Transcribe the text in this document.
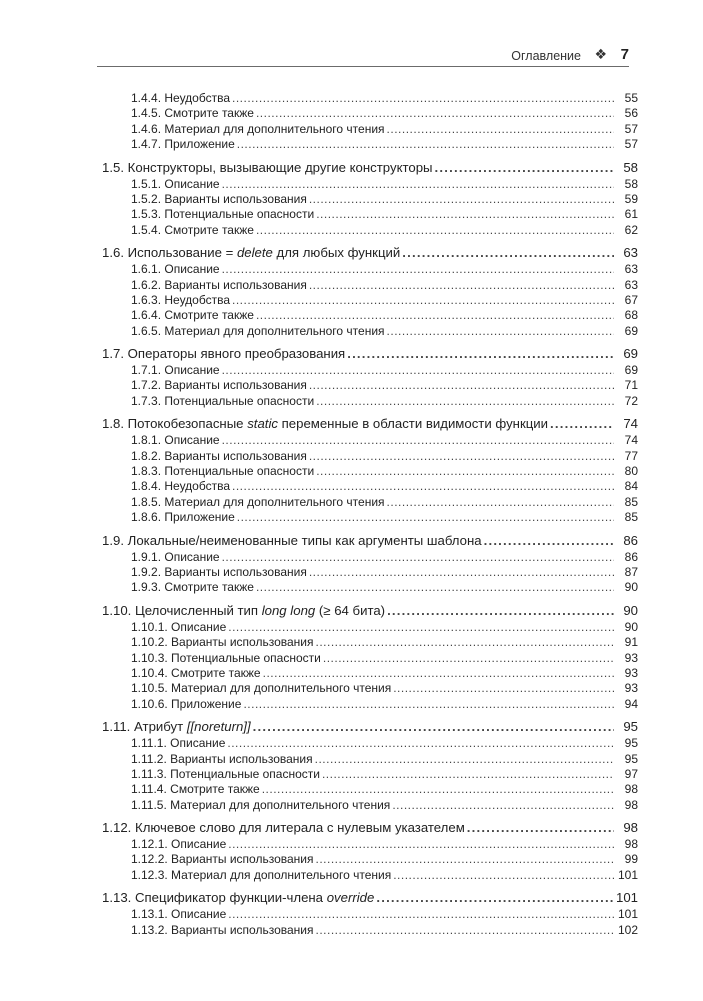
Оглавление ❖ 7
1.4.4. Неудобства .....	55
1.4.5. Смотрите также .....	56
1.4.6. Материал для дополнительного чтения .....	57
1.4.7. Приложение .....	57
1.5. Конструкторы, вызывающие другие конструкторы .....	58
1.5.1. Описание .....	58
1.5.2. Варианты использования .....	59
1.5.3. Потенциальные опасности .....	61
1.5.4. Смотрите также .....	62
1.6. Использование = delete для любых функций .....	63
1.6.1. Описание .....	63
1.6.2. Варианты использования .....	63
1.6.3. Неудобства .....	67
1.6.4. Смотрите также .....	68
1.6.5. Материал для дополнительного чтения .....	69
1.7. Операторы явного преобразования .....	69
1.7.1. Описание .....	69
1.7.2. Варианты использования .....	71
1.7.3. Потенциальные опасности .....	72
1.8. Потокобезопасные static переменные в области видимости функции .....	74
1.8.1. Описание .....	74
1.8.2. Варианты использования .....	77
1.8.3. Потенциальные опасности .....	80
1.8.4. Неудобства .....	84
1.8.5. Материал для дополнительного чтения .....	85
1.8.6. Приложение .....	85
1.9. Локальные/неименованные типы как аргументы шаблона .....	86
1.9.1. Описание .....	86
1.9.2. Варианты использования .....	87
1.9.3. Смотрите также .....	90
1.10. Целочисленный тип long long (≥ 64 бита) .....	90
1.10.1. Описание .....	90
1.10.2. Варианты использования .....	91
1.10.3. Потенциальные опасности .....	93
1.10.4. Смотрите также .....	93
1.10.5. Материал для дополнительного чтения .....	93
1.10.6. Приложение .....	94
1.11. Атрибут [[noreturn]] .....	95
1.11.1. Описание .....	95
1.11.2. Варианты использования .....	95
1.11.3. Потенциальные опасности .....	97
1.11.4. Смотрите также .....	98
1.11.5. Материал для дополнительного чтения .....	98
1.12. Ключевое слово для литерала с нулевым указателем .....	98
1.12.1. Описание .....	98
1.12.2. Варианты использования .....	99
1.12.3. Материал для дополнительного чтения .....	101
1.13. Спецификатор функции-члена override .....	101
1.13.1. Описание .....	101
1.13.2. Варианты использования .....	102
